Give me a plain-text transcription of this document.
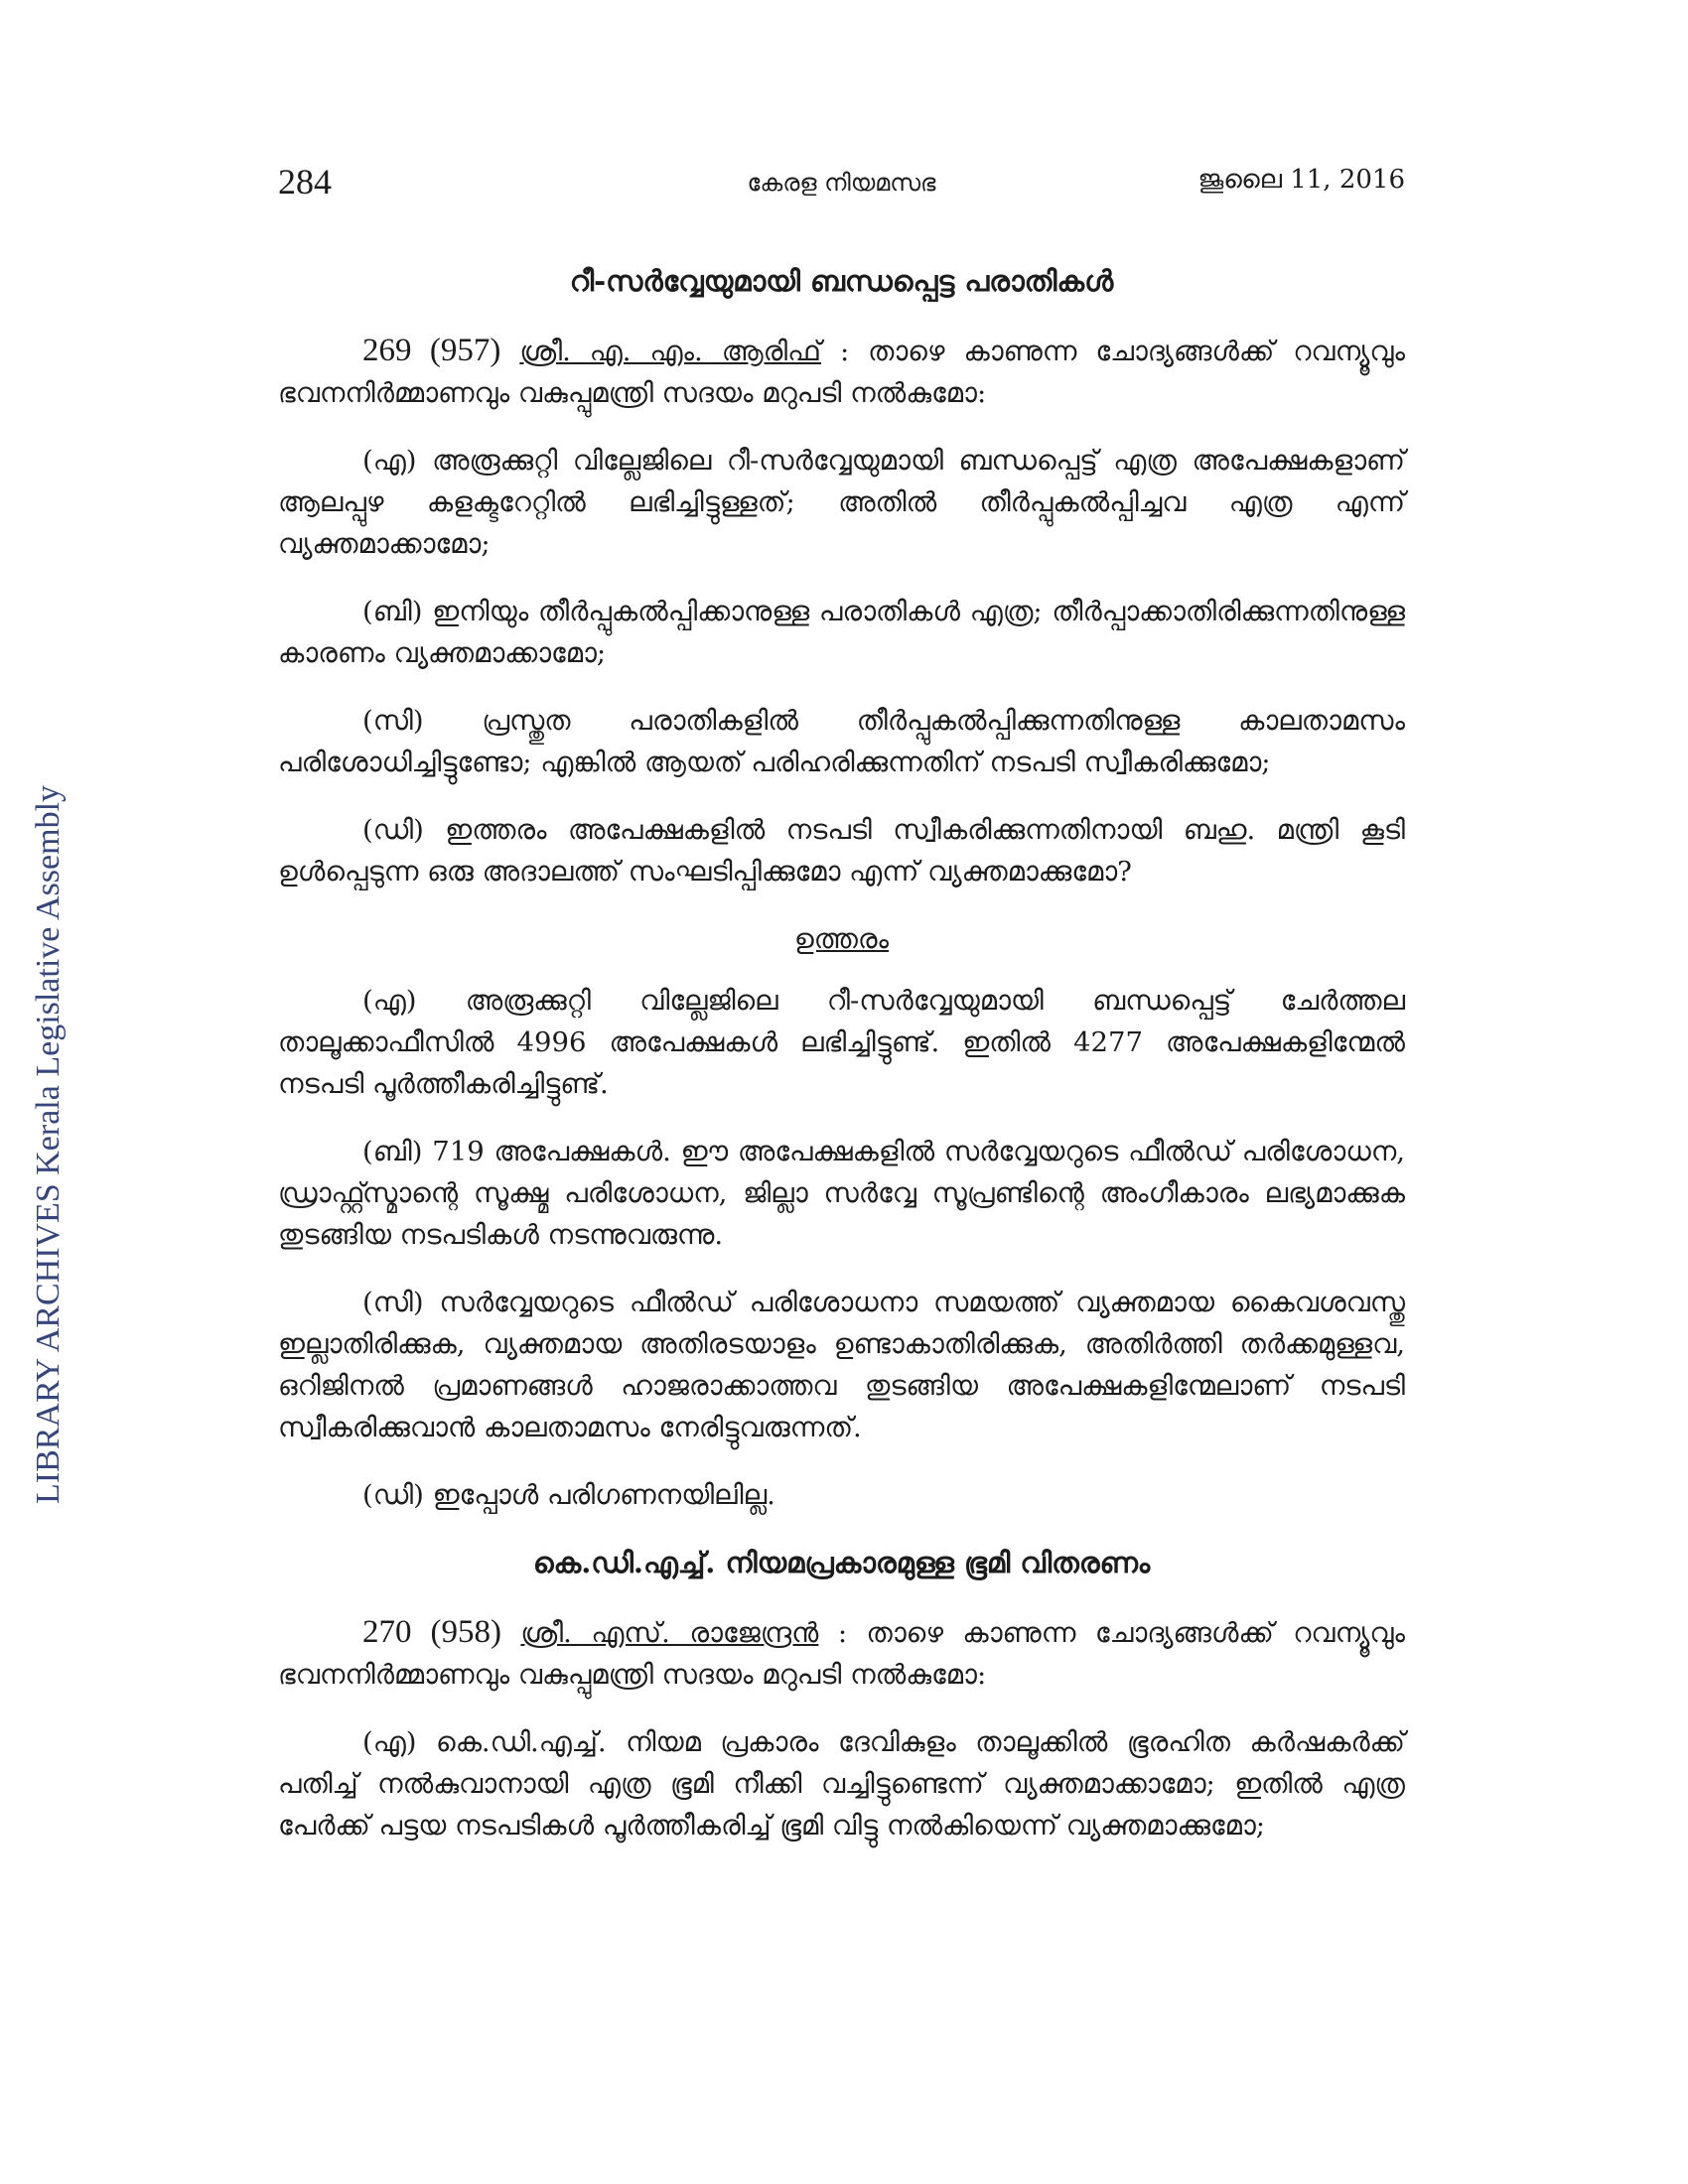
LIBRARY ARCHIVES Kerala Legislative Assembly
284	കേരള നിയമസഭ	ജൂലൈ 11, 2016
റീ-സർവ്വേയുമായി ബന്ധപ്പെട്ട പരാതികൾ

269 (957) ശ്രീ. എ. എം. ആരിഫ് : താഴെ കാണുന്ന ചോദ്യങ്ങൾക്ക് റവന്യൂവും ഭവനനിർമ്മാണവും വകുപ്പുമന്ത്രി സദയം മറുപടി നൽകുമോ:

(എ) അരൂക്കുറ്റി വില്ലേജിലെ റീ-സർവ്വേയുമായി ബന്ധപ്പെട്ട് എത്ര അപേക്ഷകളാണ് ആലപ്പുഴ കളക്ടറേറ്റിൽ ലഭിച്ചിട്ടുള്ളത്; അതിൽ തീർപ്പുകൽപ്പിച്ചവ എത്ര എന്ന് വ്യക്തമാക്കാമോ;

(ബി) ഇനിയും തീർപ്പുകൽപ്പിക്കാനുള്ള പരാതികൾ എത്ര; തീർപ്പാക്കാതിരിക്കുന്നതിനുള്ള കാരണം വ്യക്തമാക്കാമോ;

(സി) പ്രസ്തുത പരാതികളിൽ തീർപ്പുകൽപ്പിക്കുന്നതിനുള്ള കാലതാമസം പരിശോധിച്ചിട്ടുണ്ടോ; എങ്കിൽ ആയത് പരിഹരിക്കുന്നതിന് നടപടി സ്വീകരിക്കുമോ;

(ഡി) ഇത്തരം അപേക്ഷകളിൽ നടപടി സ്വീകരിക്കുന്നതിനായി ബഹു. മന്ത്രി കൂടി ഉൾപ്പെടുന്ന ഒരു അദാലത്ത് സംഘടിപ്പിക്കുമോ എന്ന് വ്യക്തമാക്കുമോ?

ഉത്തരം

(എ) അരൂക്കുറ്റി വില്ലേജിലെ റീ-സർവ്വേയുമായി ബന്ധപ്പെട്ട് ചേർത്തല താലൂക്കാഫീസിൽ 4996 അപേക്ഷകൾ ലഭിച്ചിട്ടുണ്ട്. ഇതിൽ 4277 അപേക്ഷകളിന്മേൽ നടപടി പൂർത്തീകരിച്ചിട്ടുണ്ട്.

(ബി) 719 അപേക്ഷകൾ. ഈ അപേക്ഷകളിൽ സർവ്വേയറുടെ ഫീൽഡ് പരിശോധന, ഡ്രാഫ്റ്റ്സ്മാന്റെ സൂക്ഷ്മ പരിശോധന, ജില്ലാ സർവ്വേ സൂപ്രണ്ടിന്റെ അംഗീകാരം ലഭ്യമാക്കുക തുടങ്ങിയ നടപടികൾ നടന്നുവരുന്നു.

(സി) സർവ്വേയറുടെ ഫീൽഡ് പരിശോധനാ സമയത്ത് വ്യക്തമായ കൈവശവസ്തു ഇല്ലാതിരിക്കുക, വ്യക്തമായ അതിരടയാളം ഉണ്ടാകാതിരിക്കുക, അതിർത്തി തർക്കമുള്ളവ, ഒറിജിനൽ പ്രമാണങ്ങൾ ഹാജരാക്കാത്തവ തുടങ്ങിയ അപേക്ഷകളിന്മേലാണ് നടപടി സ്വീകരിക്കുവാൻ കാലതാമസം നേരിട്ടുവരുന്നത്.

(ഡി) ഇപ്പോൾ പരിഗണനയിലില്ല.

കെ.ഡി.എച്ച്. നിയമപ്രകാരമുള്ള ഭൂമി വിതരണം

270 (958) ശ്രീ. എസ്. രാജേന്ദ്രൻ : താഴെ കാണുന്ന ചോദ്യങ്ങൾക്ക് റവന്യൂവും ഭവനനിർമ്മാണവും വകുപ്പുമന്ത്രി സദയം മറുപടി നൽകുമോ:

(എ) കെ.ഡി.എച്ച്. നിയമ പ്രകാരം ദേവികുളം താലൂക്കിൽ ഭൂരഹിത കർഷകർക്ക് പതിച്ച് നൽകുവാനായി എത്ര ഭൂമി നീക്കി വച്ചിട്ടുണ്ടെന്ന് വ്യക്തമാക്കാമോ; ഇതിൽ എത്ര പേർക്ക് പട്ടയ നടപടികൾ പൂർത്തീകരിച്ച് ഭൂമി വിട്ടു നൽകിയെന്ന് വ്യക്തമാക്കുമോ;
